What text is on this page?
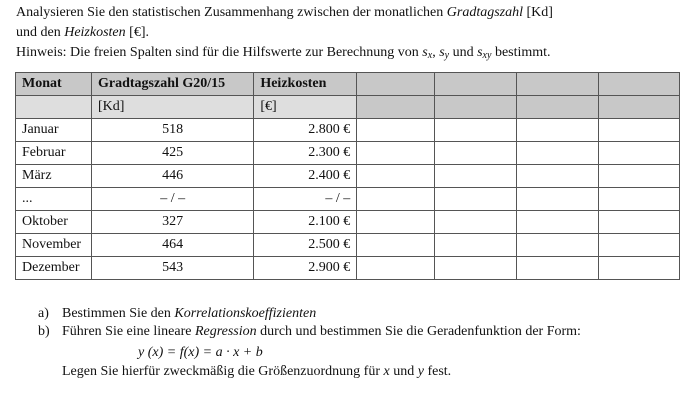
Analysieren Sie den statistischen Zusammenhang zwischen der monatlichen Gradtagszahl [Kd]

und den Heizkosten [€].

Hinweis: Die freien Spalten sind für die Hilfswerte zur Berechnung von $s_x$, $s_y$ und $s_{xy}$ bestimmt.

Monat	Gradtagszahl G20/15	Heizkosten				
	[Kd]	[€]				
Januar	518	2.800 €				
Februar	425	2.300 €				
März	446	2.400 €				
...	– / –	– / –				
Oktober	327	2.100 €				
November	464	2.500 €				
Dezember	543	2.900 €				
a) Bestimmen Sie den Korrelationskoeffizienten
b) Führen Sie eine lineare Regression durch und bestimmen Sie die Geradenfunktion der Form:
y (x) = f(x) = a · x + b
Legen Sie hierfür zweckmäßig die Größenzuordnung für x und y fest.
